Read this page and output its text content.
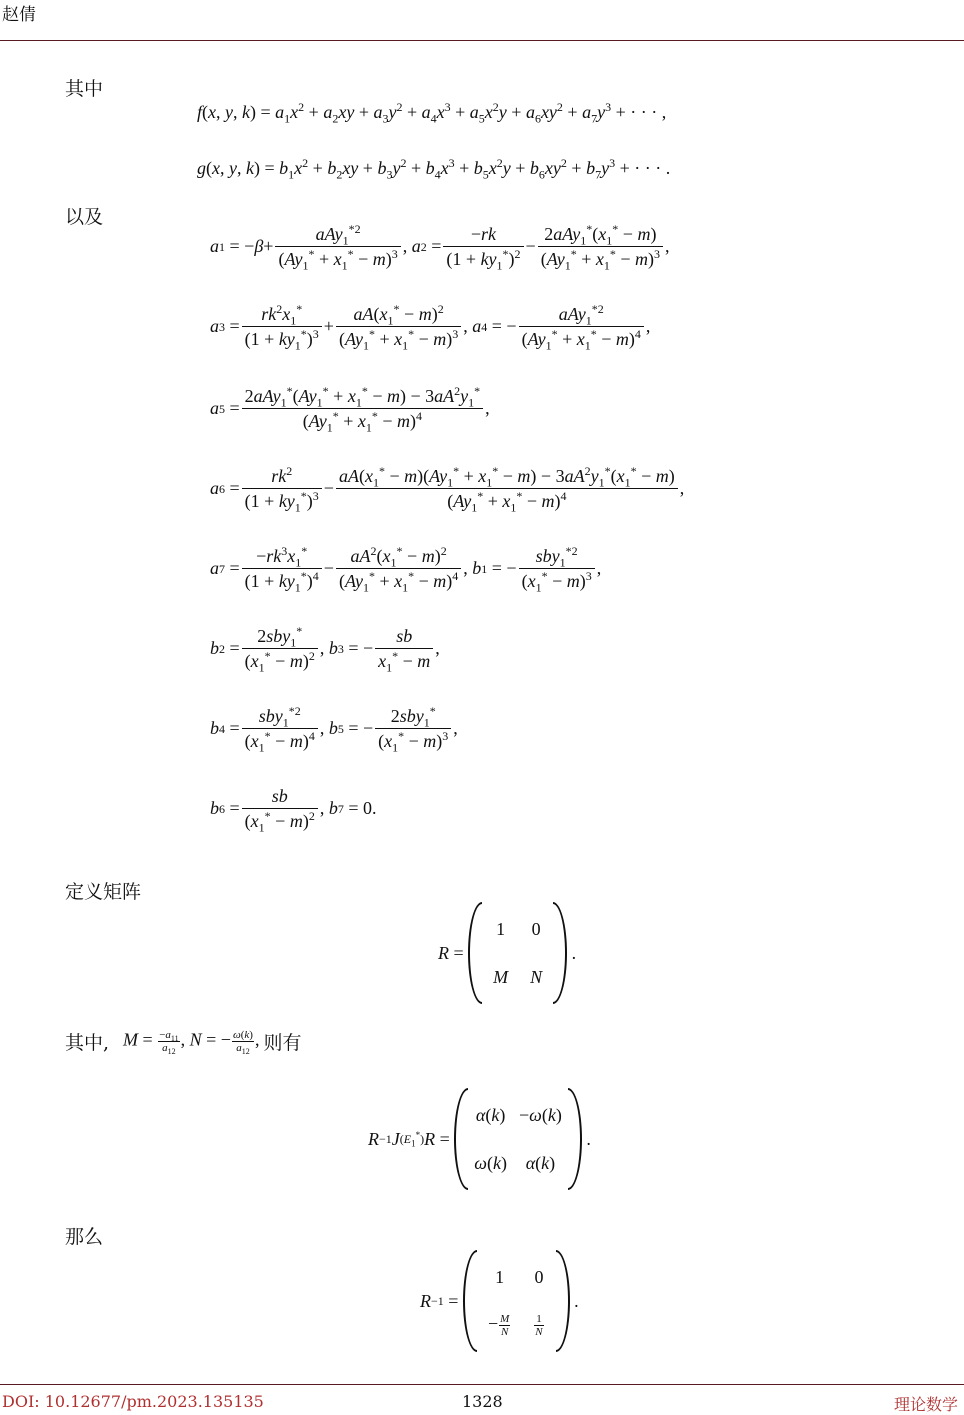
赵倩
其中
f(x, y, $k) = a_1x^2 + a_2xy + a_3y^2 + a_4x^3 + a_5x^2y + a_6xy^2 + a_7y^3$ + · · · ,
g(x, y, $k) = b_1x^2 + b_2xy + b_3y^2 + b_4x^3 + b_5x^2y + b_6xy^2 + b_7y^3$ + · · · .
以及
a 1 = − $\beta + \frac{aAy_1^{*2}}{(Ay_1^* + x_1^* - m)^3}$ , a $2 = \frac{-rk}{(1 + ky_1^*)^2} - \frac{2aAy_1^*(x_1^* - m)}{(Ay_1^* + x_1^* - m)^3}$ ,
a $3 = \frac{rk^2x_1^*}{(1 + ky_1^*)^3} + \frac{aA(x_1^* - m)^2}{(Ay_1^* + x_1^* - m)^3}$ , a 4 = − $\frac{aAy_1^{*2}}{(Ay_1^* + x_1^* - m)^4}$ ,
a $5 = \frac{2aAy_1^*(Ay_1^* + x_1^* - m) - 3aA^2y_1^*}{(Ay_1^* + x_1^* - m)^4}$ ,
a $6 = \frac{rk^2}{(1 + ky_1^*)^3} - \frac{aA(x_1^* - m)(Ay_1^* + x_1^* - m) - 3aA^2y_1^*(x_1^* - m)}{(Ay_1^* + x_1^* - m)^4}$ ,
a $7 = \frac{-rk^3x_1^*}{(1 + ky_1^*)^4} - \frac{aA^2(x_1^* - m)^2}{(Ay_1^* + x_1^* - m)^4}$ , b 1 = − $\frac{sby_1^{*2}}{(x_1^* - m)^3}$ ,
b $2 = \frac{2sby_1^*}{(x_1^* - m)^2}$ , b 3 = − $\frac{sb}{x_1^* - m}$ ,
b $4 = \frac{sby_1^{*2}}{(x_1^* - m)^4}$ , b 5 = − $\frac{2sby_1^*}{(x_1^* - m)^3}$ ,
b $6 = \frac{sb}{(x_1^* - m)^2}$ , b 7 = 0.
定义矩阵
R =
1	0
M	N
.
其中, $M = \frac{-a_{11}}{a_{12}}$ , N = − $\frac{\omega(k)}{a_{12}}$ , 则有
R −1 J $(E_1^*) R$ =
α(k)	−ω(k)
ω(k)	α(k)
.
那么
R −1 =
1	0
− $\frac{M}{N}$	$\frac{1}{N}$
.
DOI: 10.12677/pm.2023.135135	1328	理论数学
